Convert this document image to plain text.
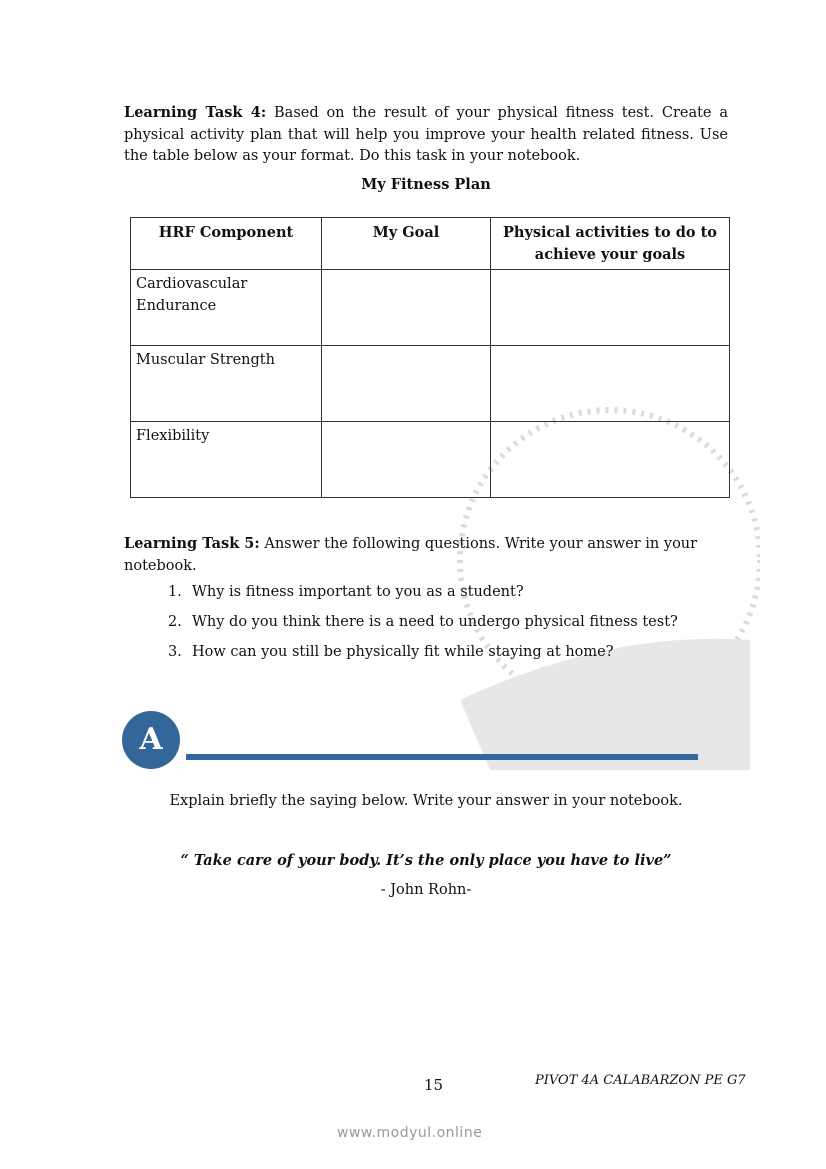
Learning Task 4: Based on the result of your physical fitness test. Create a physical activity plan that will help you improve your health related fitness. Use the table below as your format. Do this task in your notebook.
My Fitness Plan
HRF Component	My Goal	Physical activities to do to achieve your goals
Cardiovascular Endurance		
Muscular Strength		
Flexibility		
Learning Task 5: Answer the following questions. Write your answer in your notebook.
1. Why is fitness important to you as a student?
2. Why do you think there is a need to undergo physical fitness test?
3. How can you still be physically fit while staying at home?
A
Explain briefly the saying below. Write your answer in your notebook.
“ Take care of your body. It’s the only place you have to live”
- John Rohn-
15	PIVOT 4A CALABARZON PE G7
www.modyul.online
